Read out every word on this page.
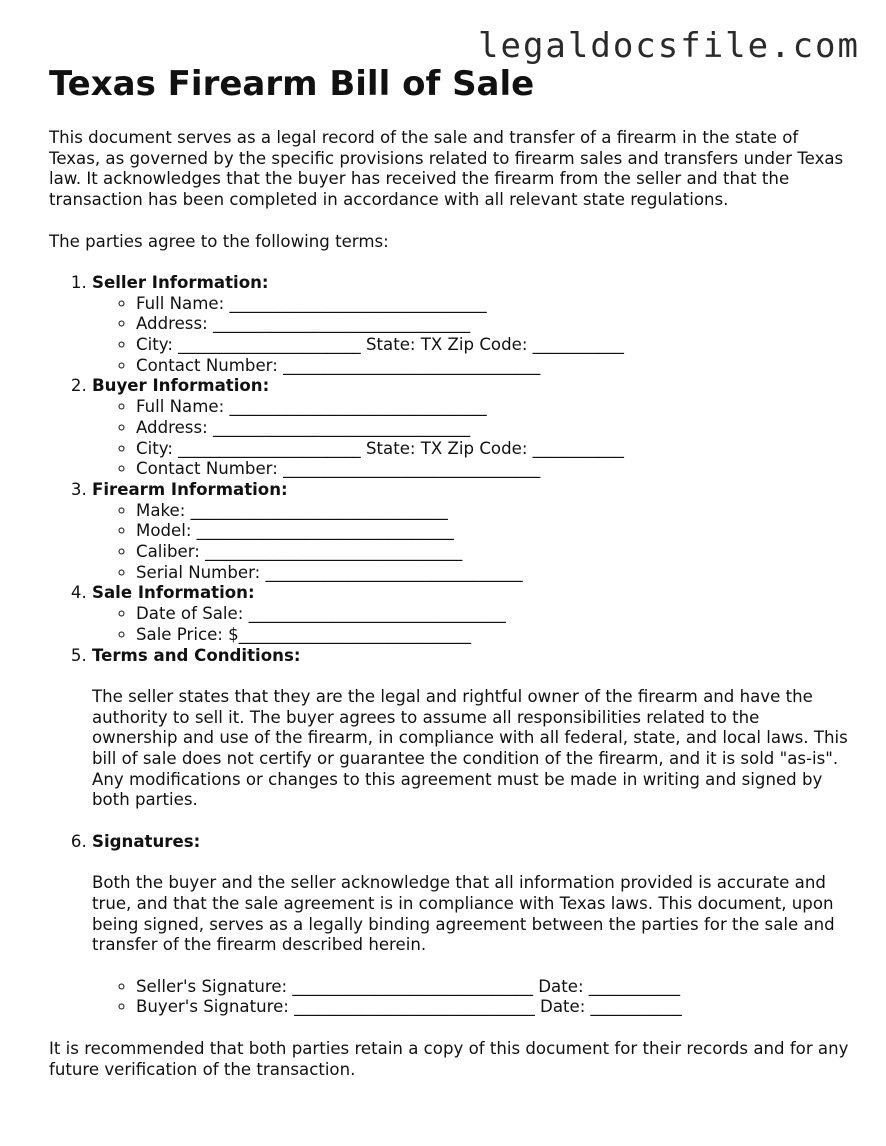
legaldocsfile.com
Texas Firearm Bill of Sale

This document serves as a legal record of the sale and transfer of a firearm in the state of Texas, as governed by the specific provisions related to firearm sales and transfers under Texas law. It acknowledges that the buyer has received the firearm from the seller and that the transaction has been completed in accordance with all relevant state regulations.

The parties agree to the following terms:

1. Seller Information:
◦ Full Name: _______________________________
◦ Address: _______________________________
◦ City: ______________________ State: TX Zip Code: ___________
◦ Contact Number: _______________________________
2. Buyer Information:
◦ Full Name: _______________________________
◦ Address: _______________________________
◦ City: ______________________ State: TX Zip Code: ___________
◦ Contact Number: _______________________________
3. Firearm Information:
◦ Make: _______________________________
◦ Model: _______________________________
◦ Caliber: _______________________________
◦ Serial Number: _______________________________
4. Sale Information:
◦ Date of Sale: _______________________________
◦ Sale Price: $____________________________
5. Terms and Conditions:

The seller states that they are the legal and rightful owner of the firearm and have the authority to sell it. The buyer agrees to assume all responsibilities related to the ownership and use of the firearm, in compliance with all federal, state, and local laws. This bill of sale does not certify or guarantee the condition of the firearm, and it is sold "as-is". Any modifications or changes to this agreement must be made in writing and signed by both parties.

6. Signatures:

Both the buyer and the seller acknowledge that all information provided is accurate and true, and that the sale agreement is in compliance with Texas laws. This document, upon being signed, serves as a legally binding agreement between the parties for the sale and transfer of the firearm described herein.

◦ Seller's Signature: _____________________________ Date: ___________
◦ Buyer's Signature: _____________________________ Date: ___________

It is recommended that both parties retain a copy of this document for their records and for any future verification of the transaction.
